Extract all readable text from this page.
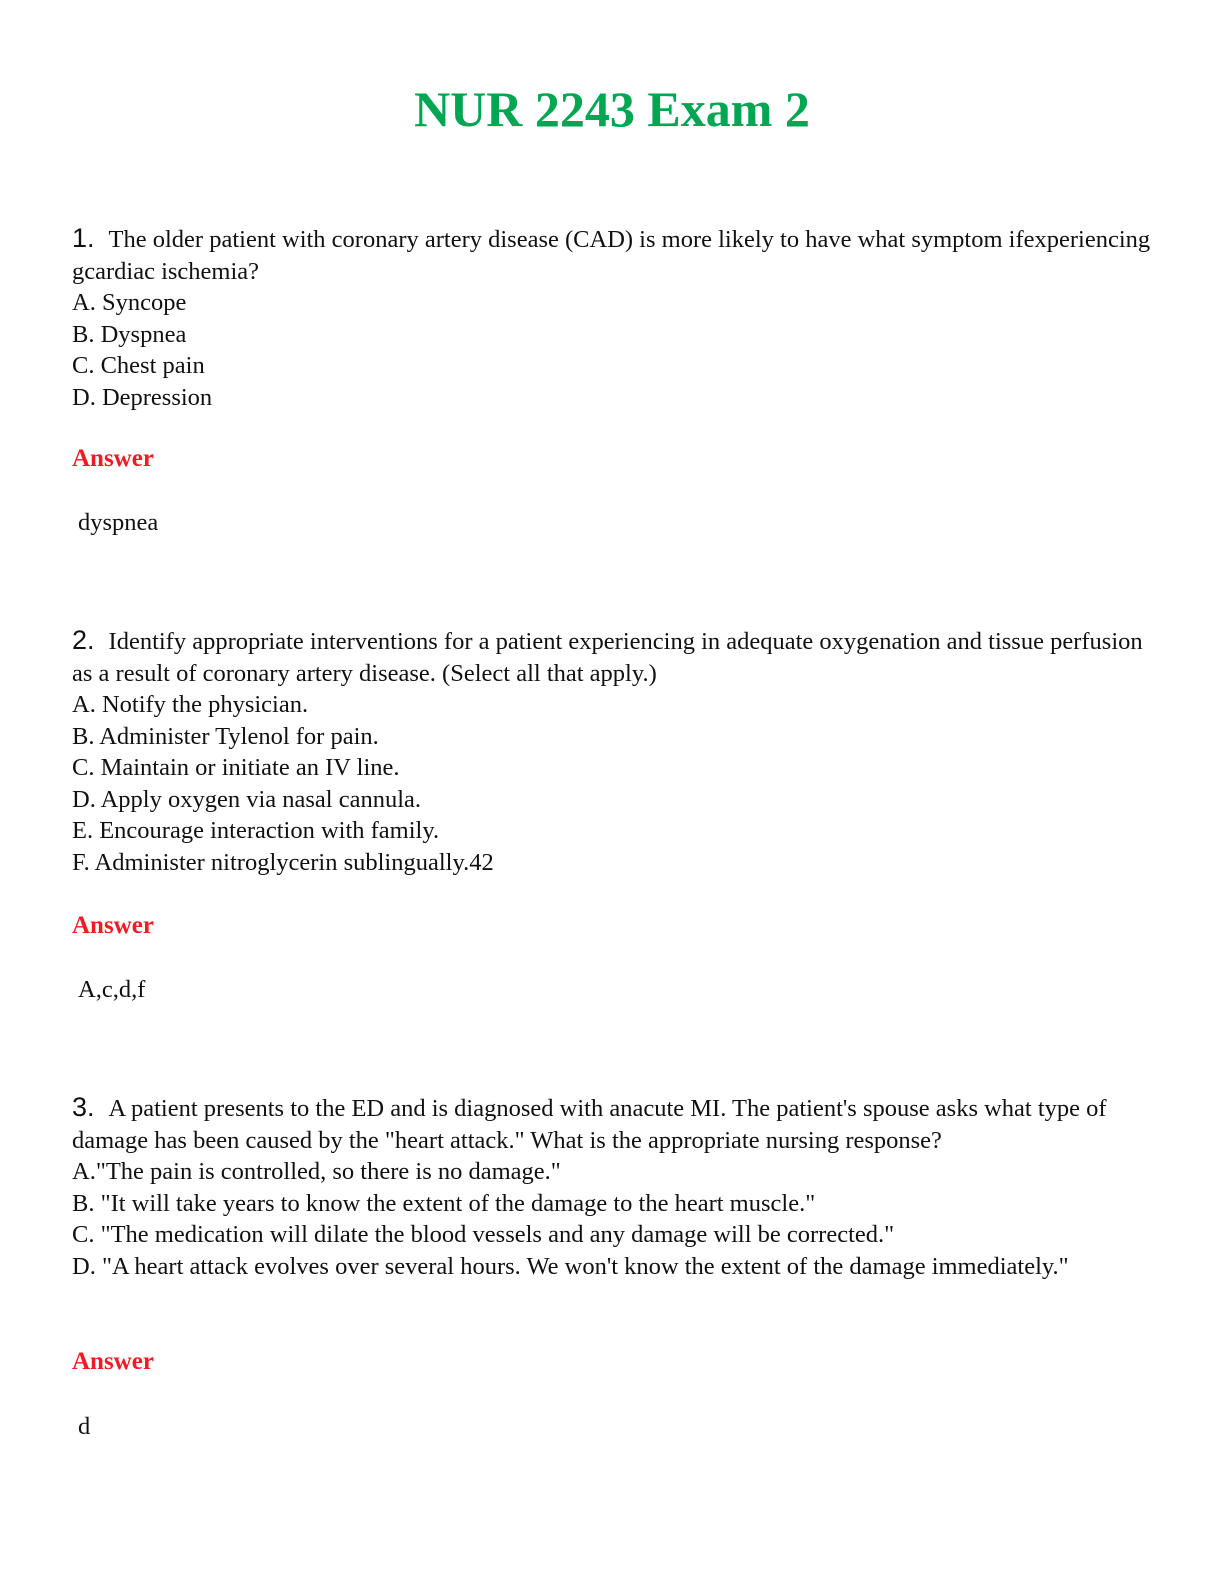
NUR 2243 Exam 2

1. The older patient with coronary artery disease (CAD) is more likely to have what symptom ifexperiencing gcardiac ischemia?

A. Syncope

B. Dyspnea

C. Chest pain

D. Depression

Answer
dyspnea

2. Identify appropriate interventions for a patient experiencing in adequate oxygenation and tissue perfusion as a result of coronary artery disease. (Select all that apply.)

A. Notify the physician.

B. Administer Tylenol for pain.

C. Maintain or initiate an IV line.

D. Apply oxygen via nasal cannula.

E. Encourage interaction with family.

F. Administer nitroglycerin sublingually.42

Answer
A,c,d,f

3. A patient presents to the ED and is diagnosed with anacute MI. The patient's spouse asks what type of damage has been caused by the "heart attack." What is the appropriate nursing response?

A."The pain is controlled, so there is no damage."

B. "It will take years to know the extent of the damage to the heart muscle."

C. "The medication will dilate the blood vessels and any damage will be corrected."

D. "A heart attack evolves over several hours. We won't know the extent of the damage immediately."

Answer
d
